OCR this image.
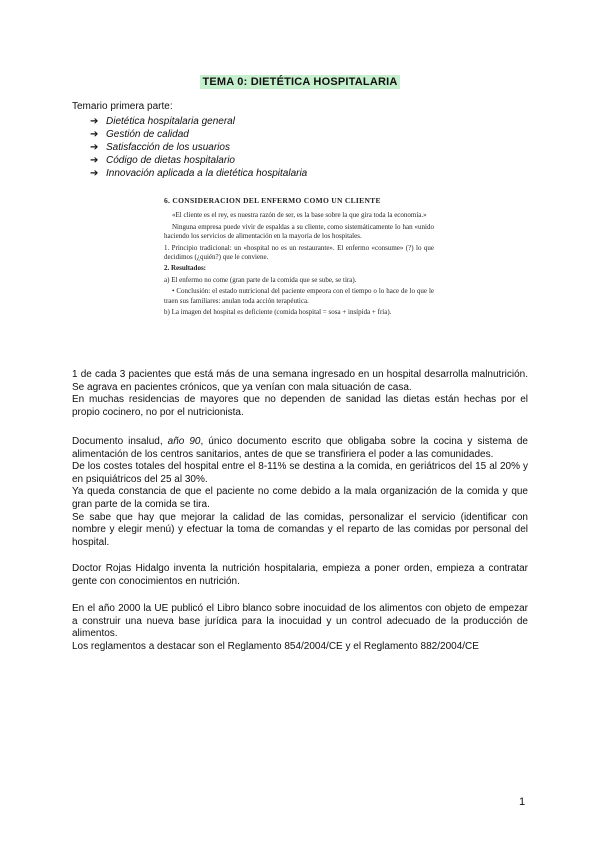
TEMA 0: DIETÉTICA HOSPITALARIA
Temario primera parte:
➔ Dietética hospitalaria general
➔ Gestión de calidad
➔ Satisfacción de los usuarios
➔ Código de dietas hospitalario
➔ Innovación aplicada a la dietética hospitalaria
6. CONSIDERACION DEL ENFERMO COMO UN CLIENTE

«El cliente es el rey, es nuestra razón de ser, es la base sobre la que gira toda la economía.»

Ninguna empresa puede vivir de espaldas a su cliente, como sistemáticamente lo han «unido haciendo los servicios de alimentación en la mayoría de los hospitales.

1. Principio tradicional: un «hospital no es un restaurante». El enfermo «consume» (?) lo que decidimos (¿quién?) que le conviene.

2. Resultados:

a) El enfermo no come (gran parte de la comida que se sube, se tira).

• Conclusión: el estado nutricional del paciente empeora con el tiempo o lo hace de lo que le traen sus familiares: anulan toda acción terapéutica.

b) La imagen del hospital es deficiente (comida hospital = sosa + insípida + fría).

1 de cada 3 pacientes que está más de una semana ingresado en un hospital desarrolla malnutrición. Se agrava en pacientes crónicos, que ya venían con mala situación de casa.

En muchas residencias de mayores que no dependen de sanidad las dietas están hechas por el propio cocinero, no por el nutricionista.

Documento insalud, año 90, único documento escrito que obligaba sobre la cocina y sistema de alimentación de los centros sanitarios, antes de que se transfiriera el poder a las comunidades.

De los costes totales del hospital entre el 8-11% se destina a la comida, en geriátricos del 15 al 20% y en psiquiátricos del 25 al 30%.

Ya queda constancia de que el paciente no come debido a la mala organización de la comida y que gran parte de la comida se tira.

Se sabe que hay que mejorar la calidad de las comidas, personalizar el servicio (identificar con nombre y elegir menú) y efectuar la toma de comandas y el reparto de las comidas por personal del hospital.

Doctor Rojas Hidalgo inventa la nutrición hospitalaria, empieza a poner orden, empieza a contratar gente con conocimientos en nutrición.

En el año 2000 la UE publicó el Libro blanco sobre inocuidad de los alimentos con objeto de empezar a construir una nueva base jurídica para la inocuidad y un control adecuado de la producción de alimentos.

Los reglamentos a destacar son el Reglamento 854/2004/CE y el Reglamento 882/2004/CE

1
